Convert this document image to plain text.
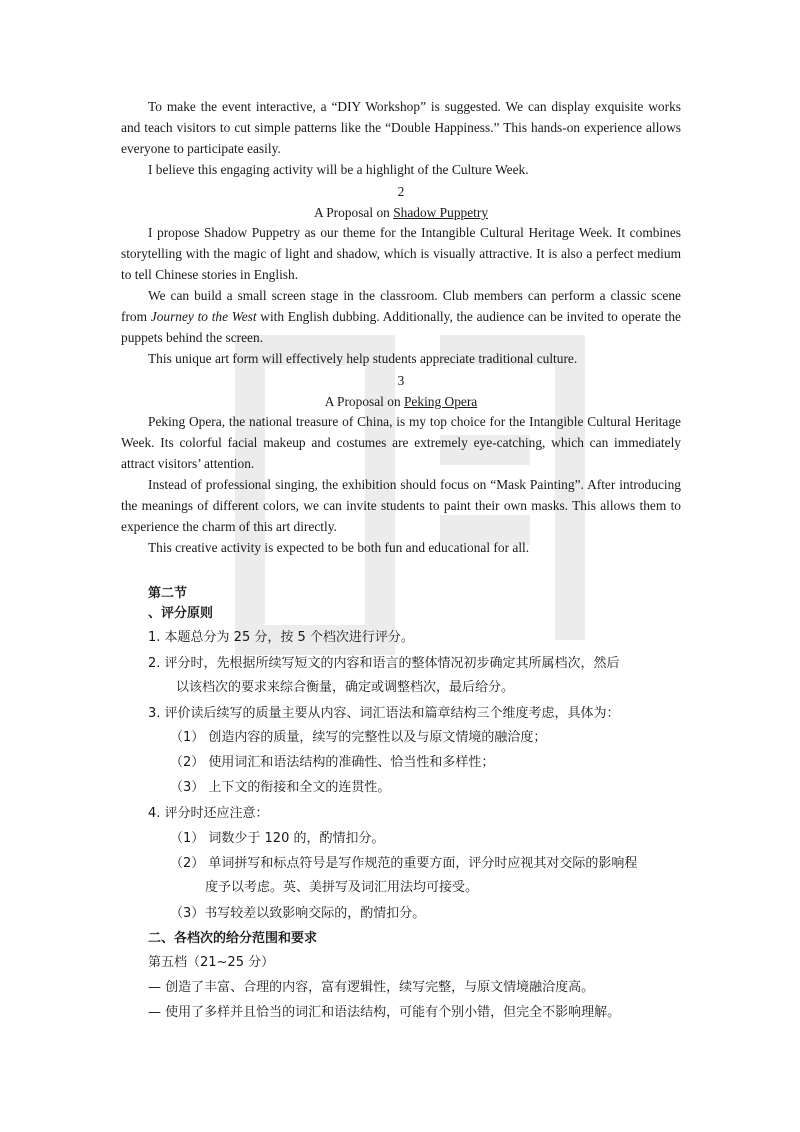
To make the event interactive, a “DIY Workshop” is suggested. We can display exquisite works and teach visitors to cut simple patterns like the “Double Happiness.” This hands-on experience allows everyone to participate easily.

I believe this engaging activity will be a highlight of the Culture Week.

2

A Proposal on Shadow Puppetry

I propose Shadow Puppetry as our theme for the Intangible Cultural Heritage Week. It combines storytelling with the magic of light and shadow, which is visually attractive. It is also a perfect medium to tell Chinese stories in English.

We can build a small screen stage in the classroom. Club members can perform a classic scene from Journey to the West with English dubbing. Additionally, the audience can be invited to operate the puppets behind the screen.

This unique art form will effectively help students appreciate traditional culture.

3

A Proposal on Peking Opera

Peking Opera, the national treasure of China, is my top choice for the Intangible Cultural Heritage Week. Its colorful facial makeup and costumes are extremely eye-catching, which can immediately attract visitors’ attention.

Instead of professional singing, the exhibition should focus on “Mask Painting”. After introducing the meanings of different colors, we can invite students to paint their own masks. This allows them to experience the charm of this art directly.

This creative activity is expected to be both fun and educational for all.

第二节

、评分原则

1. 本题总分为 25 分，按 5 个档次进行评分。

2. 评分时，先根据所续写短文的内容和语言的整体情况初步确定其所属档次，然后

以该档次的要求来综合衡量，确定或调整档次，最后给分。

3. 评价读后续写的质量主要从内容、词汇语法和篇章结构三个维度考虑，具体为：

（1） 创造内容的质量，续写的完整性以及与原文情境的融洽度；

（2） 使用词汇和语法结构的准确性、恰当性和多样性；

（3） 上下文的衔接和全文的连贯性。

4. 评分时还应注意：

（1） 词数少于 120 的，酌情扣分。

（2） 单词拼写和标点符号是写作规范的重要方面，评分时应视其对交际的影响程

度予以考虑。英、美拼写及词汇用法均可接受。

（3）书写较差以致影响交际的，酌情扣分。

二、各档次的给分范围和要求

第五档（21~25 分）

— 创造了丰富、合理的内容，富有逻辑性，续写完整，与原文情境融洽度高。

— 使用了多样并且恰当的词汇和语法结构，可能有个别小错，但完全不影响理解。
